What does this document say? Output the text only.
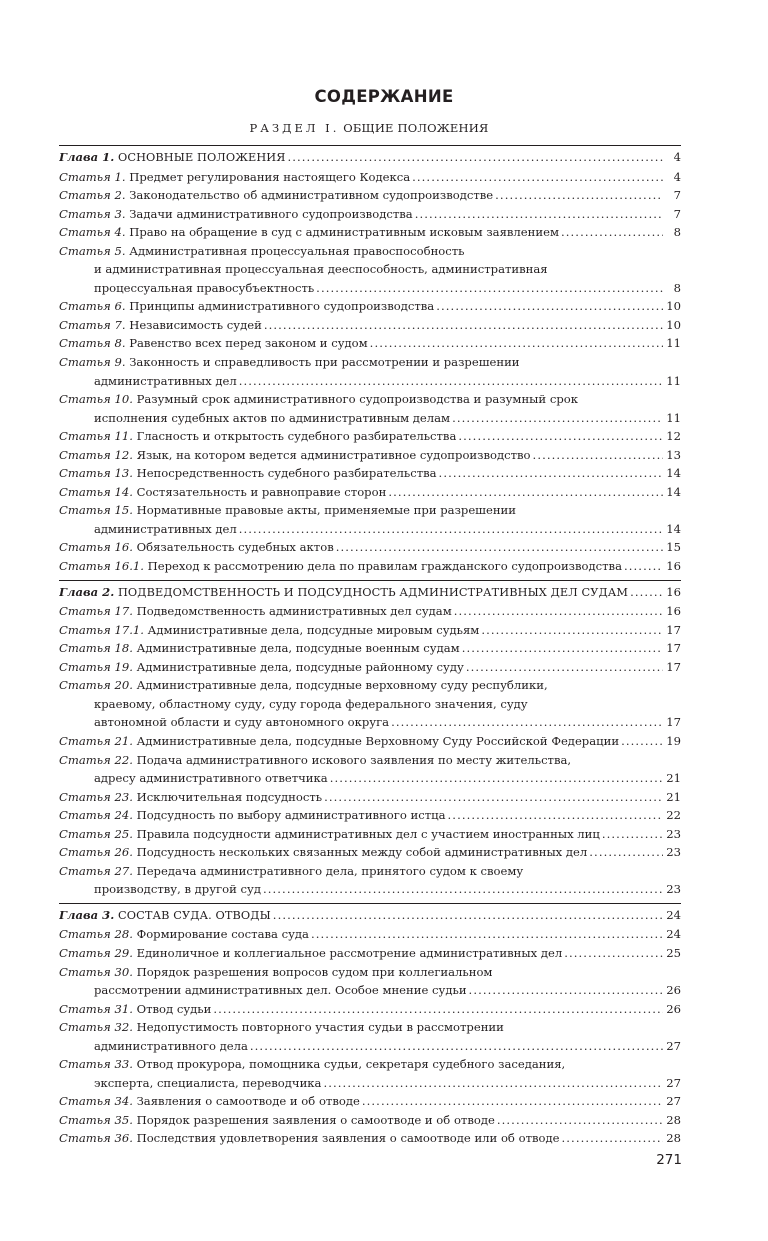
СОДЕРЖАНИЕ

РАЗДЕЛ I. ОБЩИЕ ПОЛОЖЕНИЯ

Глава 1. ОСНОВНЫЕ ПОЛОЖЕНИЯ . . .	4
Статья 1. Предмет регулирования настоящего Кодекса . . .	4
Статья 2. Законодательство об административном судопроизводстве . . .	7
Статья 3. Задачи административного судопроизводства . . .	7
Статья 4. Право на обращение в суд с административным исковым заявлением . . .	8
Статья 5. Административная процессуальная правоспособность
и административная процессуальная дееспособность, административная
процессуальная правосубъектность . . .	8
Статья 6. Принципы административного судопроизводства . . .	10
Статья 7. Независимость судей . . .	10
Статья 8. Равенство всех перед законом и судом . . .	11
Статья 9. Законность и справедливость при рассмотрении и разрешении
административных дел . . .	11
Статья 10. Разумный срок административного судопроизводства и разумный срок
исполнения судебных актов по административным делам . . .	11
Статья 11. Гласность и открытость судебного разбирательства . . .	12
Статья 12. Язык, на котором ведется административное судопроизводство . . .	13
Статья 13. Непосредственность судебного разбирательства . . .	14
Статья 14. Состязательность и равноправие сторон . . .	14
Статья 15. Нормативные правовые акты, применяемые при разрешении
административных дел . . .	14
Статья 16. Обязательность судебных актов . . .	15
Статья 16.1. Переход к рассмотрению дела по правилам гражданского судопроизводства . . .	16
Глава 2. ПОДВЕДОМСТВЕННОСТЬ И ПОДСУДНОСТЬ АДМИНИСТРАТИВНЫХ ДЕЛ СУДАМ . . .	16
Статья 17. Подведомственность административных дел судам . . .	16
Статья 17.1. Административные дела, подсудные мировым судьям . . .	17
Статья 18. Административные дела, подсудные военным судам . . .	17
Статья 19. Административные дела, подсудные районному суду . . .	17
Статья 20. Административные дела, подсудные верховному суду республики,
краевому, областному суду, суду города федерального значения, суду
автономной области и суду автономного округа . . .	17
Статья 21. Административные дела, подсудные Верховному Суду Российской Федерации . . .	19
Статья 22. Подача административного искового заявления по месту жительства,
адресу административного ответчика . . .	21
Статья 23. Исключительная подсудность . . .	21
Статья 24. Подсудность по выбору административного истца . . .	22
Статья 25. Правила подсудности административных дел с участием иностранных лиц . . .	23
Статья 26. Подсудность нескольких связанных между собой административных дел . . .	23
Статья 27. Передача административного дела, принятого судом к своему
производству, в другой суд . . .	23
Глава 3. СОСТАВ СУДА. ОТВОДЫ . . .	24
Статья 28. Формирование состава суда . . .	24
Статья 29. Единоличное и коллегиальное рассмотрение административных дел . . .	25
Статья 30. Порядок разрешения вопросов судом при коллегиальном
рассмотрении административных дел. Особое мнение судьи . . .	26
Статья 31. Отвод судьи . . .	26
Статья 32. Недопустимость повторного участия судьи в рассмотрении
административного дела . . .	27
Статья 33. Отвод прокурора, помощника судьи, секретаря судебного заседания,
эксперта, специалиста, переводчика . . .	27
Статья 34. Заявления о самоотводе и об отводе . . .	27
Статья 35. Порядок разрешения заявления о самоотводе и об отводе . . .	28
Статья 36. Последствия удовлетворения заявления о самоотводе или об отводе . . .	28

271
